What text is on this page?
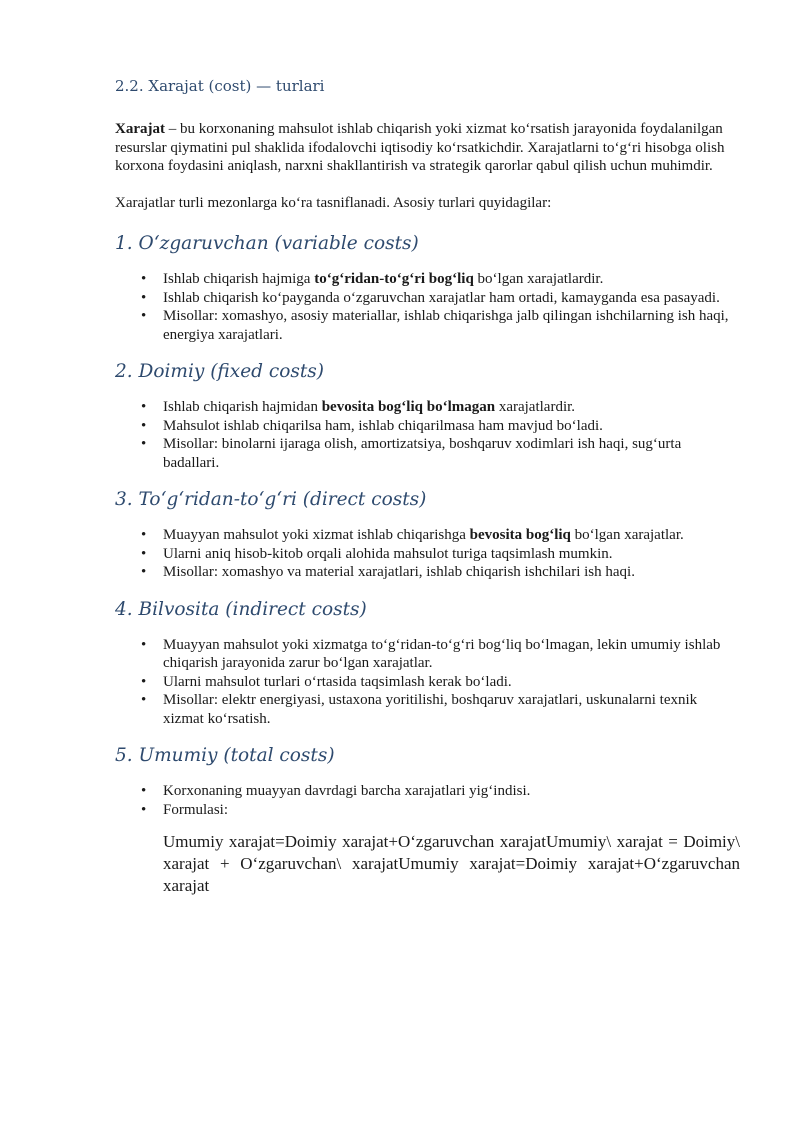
2.2. Xarajat (cost) — turlari

Xarajat – bu korxonaning mahsulot ishlab chiqarish yoki xizmat ko‘rsatish jarayonida foydalanilgan resurslar qiymatini pul shaklida ifodalovchi iqtisodiy ko‘rsatkichdir. Xarajatlarni to‘g‘ri hisobga olish korxona foydasini aniqlash, narxni shakllantirish va strategik qarorlar qabul qilish uchun muhimdir.

Xarajatlar turli mezonlarga ko‘ra tasniflanadi. Asosiy turlari quyidagilar:

1. O‘zgaruvchan (variable costs)
• Ishlab chiqarish hajmiga to‘g‘ridan-to‘g‘ri bog‘liq bo‘lgan xarajatlardir.
• Ishlab chiqarish ko‘payganda o‘zgaruvchan xarajatlar ham ortadi, kamayganda esa pasayadi.
• Misollar: xomashyo, asosiy materiallar, ishlab chiqarishga jalb qilingan ishchilarning ish haqi, energiya xarajatlari.
2. Doimiy (fixed costs)
• Ishlab chiqarish hajmidan bevosita bog‘liq bo‘lmagan xarajatlardir.
• Mahsulot ishlab chiqarilsa ham, ishlab chiqarilmasa ham mavjud bo‘ladi.
• Misollar: binolarni ijaraga olish, amortizatsiya, boshqaruv xodimlari ish haqi, sug‘urta badallari.
3. To‘g‘ridan-to‘g‘ri (direct costs)
• Muayyan mahsulot yoki xizmat ishlab chiqarishga bevosita bog‘liq bo‘lgan xarajatlar.
• Ularni aniq hisob-kitob orqali alohida mahsulot turiga taqsimlash mumkin.
• Misollar: xomashyo va material xarajatlari, ishlab chiqarish ishchilari ish haqi.
4. Bilvosita (indirect costs)
• Muayyan mahsulot yoki xizmatga to‘g‘ridan-to‘g‘ri bog‘liq bo‘lmagan, lekin umumiy ishlab chiqarish jarayonida zarur bo‘lgan xarajatlar.
• Ularni mahsulot turlari o‘rtasida taqsimlash kerak bo‘ladi.
• Misollar: elektr energiyasi, ustaxona yoritilishi, boshqaruv xarajatlari, uskunalarni texnik xizmat ko‘rsatish.
5. Umumiy (total costs)
• Korxonaning muayyan davrdagi barcha xarajatlari yig‘indisi.
• Formulasi:
Umumiy xarajat=Doimiy xarajat+O‘zgaruvchan xarajatUmumiy\ xarajat = Doimiy\ xarajat + O‘zgaruvchan\ xarajatUmumiy xarajat=Doimiy xarajat+O‘zgaruvchan xarajat
